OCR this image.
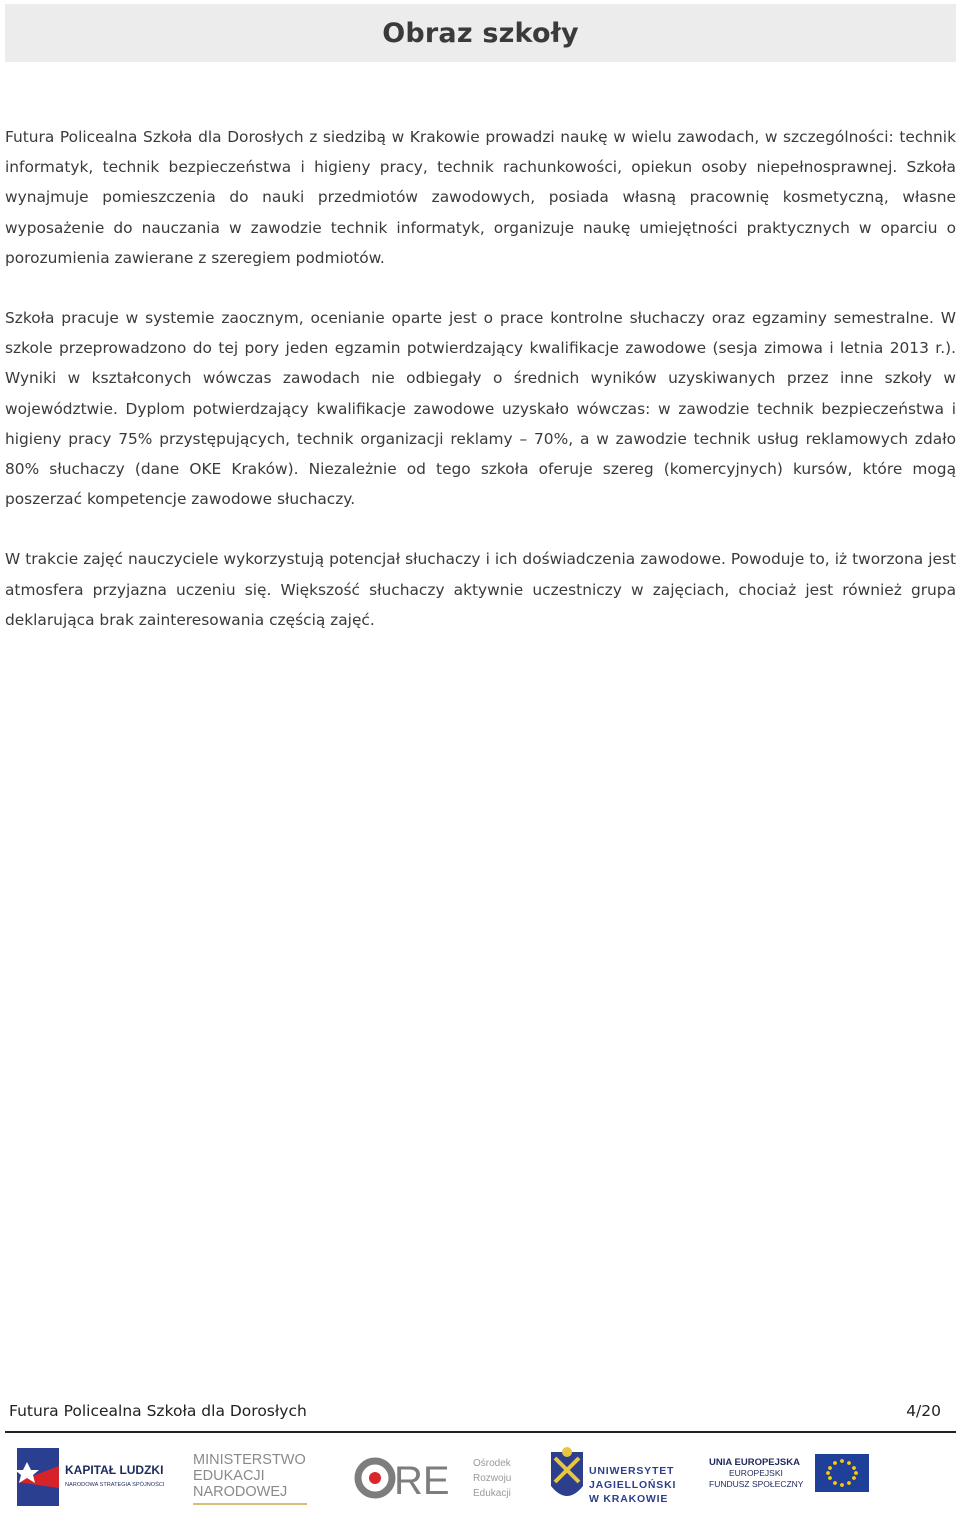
Obraz szkoły

Futura Policealna Szkoła dla Dorosłych z siedzibą w Krakowie prowadzi naukę w wielu zawodach, w szczególności: technik informatyk, technik bezpieczeństwa i higieny pracy, technik rachunkowości, opiekun osoby niepełnosprawnej. Szkoła wynajmuje pomieszczenia do nauki przedmiotów zawodowych, posiada własną pracownię kosmetyczną, własne wyposażenie do nauczania w zawodzie technik informatyk, organizuje naukę umiejętności praktycznych w oparciu o porozumienia zawierane z szeregiem podmiotów.

Szkoła pracuje w systemie zaocznym, ocenianie oparte jest o prace kontrolne słuchaczy oraz egzaminy semestralne. W szkole przeprowadzono do tej pory jeden egzamin potwierdzający kwalifikacje zawodowe (sesja zimowa i letnia 2013 r.). Wyniki w kształconych wówczas zawodach nie odbiegały o średnich wyników uzyskiwanych przez inne szkoły w województwie. Dyplom potwierdzający kwalifikacje zawodowe uzyskało wówczas: w zawodzie technik bezpieczeństwa i higieny pracy 75% przystępujących, technik organizacji reklamy – 70%, a w zawodzie technik usług reklamowych zdało 80% słuchaczy (dane OKE Kraków). Niezależnie od tego szkoła oferuje szereg (komercyjnych) kursów, które mogą poszerzać kompetencje zawodowe słuchaczy.

W trakcie zajęć nauczyciele wykorzystują potencjał słuchaczy i ich doświadczenia zawodowe. Powoduje to, iż tworzona jest atmosfera przyjazna uczeniu się. Większość słuchaczy aktywnie uczestniczy w zajęciach, chociaż jest również grupa deklarująca brak zainteresowania częścią zajęć.

Futura Policealna Szkoła dla Dorosłych	4/20
KAPITAŁ LUDZKI
NARODOWA STRATEGIA SPÓJNOŚCI
MINISTERSTWO
EDUKACJI
NARODOWEJ	RE Ośrodek
Rozwoju
Edukacji
UNIWERSYTET
JAGIELLOŃSKI
W KRAKOWIE
UNIA EUROPEJSKA
EUROPEJSKI
FUNDUSZ SPOŁECZNY
